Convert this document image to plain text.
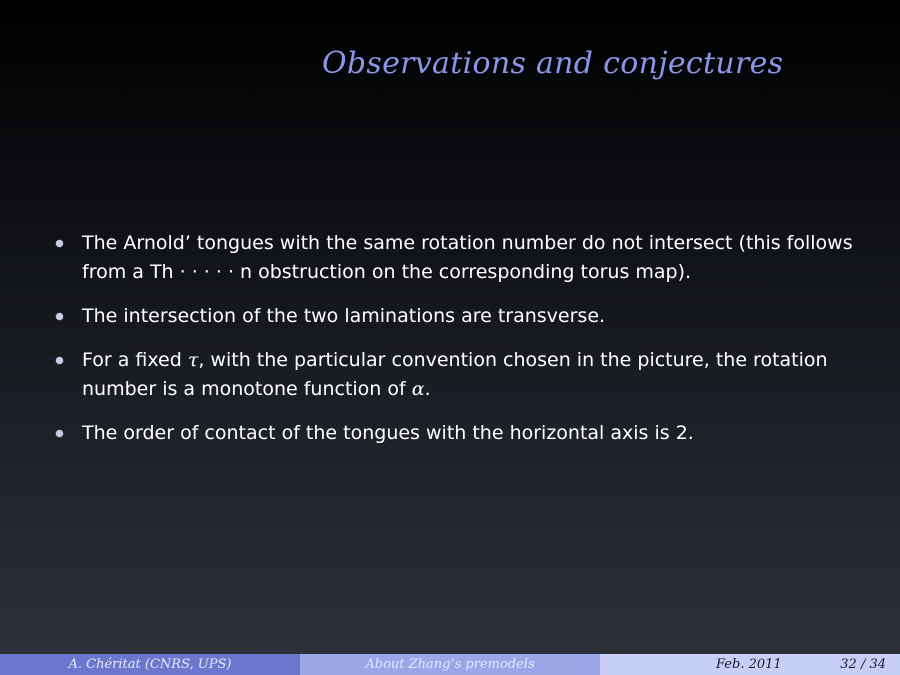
Observations and conjectures
The Arnold’ tongues with the same rotation number do not intersect (this follows from a Th · · · · · n obstruction on the corresponding torus map).
The intersection of the two laminations are transverse.
For a fixed τ, with the particular convention chosen in the picture, the rotation number is a monotone function of α.
The order of contact of the tongues with the horizontal axis is 2.
A. Chéritat (CNRS, UPS)	About Zhang’s premodels	Feb. 2011	32 / 34
